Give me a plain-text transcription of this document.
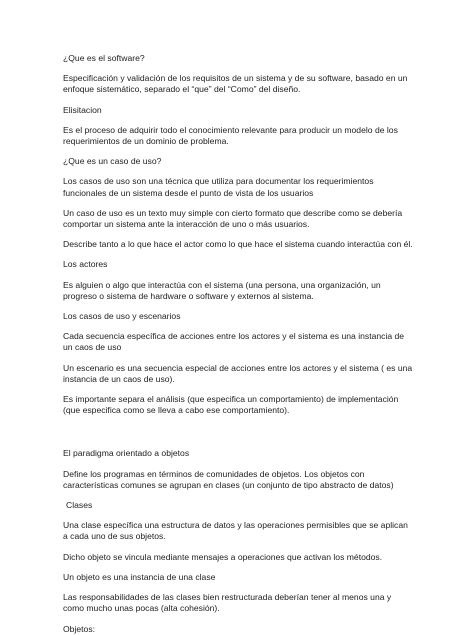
¿Que es el software?

Especificación y validación de los requisitos de un sistema y de su software, basado en un enfoque sistemático, separado el “que” del “Como” del diseño.

Elisitacion

Es el proceso de adquirir todo el conocimiento relevante para producir un modelo de los requerimientos de un dominio de problema.

¿Que es un caso de uso?

Los casos de uso son una técnica que utiliza para documentar los requerimientos funcionales de un sistema desde el punto de vista de los usuarios

Un caso de uso es un texto muy simple con cierto formato que describe como se debería comportar un sistema ante la interacción de uno o más usuarios.

Describe tanto a lo que hace el actor como lo que hace el sistema cuando interactúa con él.

Los actores

Es alguien o algo que interactúa con el sistema (una persona, una organización, un progreso o sistema de hardware o software y externos al sistema.

Los casos de uso y escenarios

Cada secuencia específica de acciones entre los actores y el sistema es una instancia de un caos de uso

Un escenario es una secuencia especial de acciones entre los actores y el sistema ( es una instancia de un caos de uso).

Es importante separa el análisis (que especifica un comportamiento) de implementación (que especifica como se lleva a cabo ese comportamiento).

El paradigma orientado a objetos

Define los programas en términos de comunidades de objetos. Los objetos con características comunes se agrupan en clases (un conjunto de tipo abstracto de datos)

Clases

Una clase específica una estructura de datos y las operaciones permisibles que se aplican a cada uno de sus objetos.

Dicho objeto se vincula mediante mensajes a operaciones que activan los métodos.

Un objeto es una instancia de una clase

Las responsabilidades de las clases bien restructurada deberían tener al menos una y como mucho unas pocas (alta cohesión).

Objetos:
